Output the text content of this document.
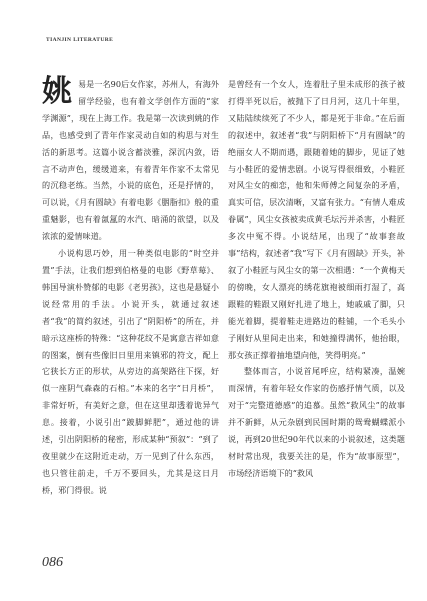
TIANJIN LITERATURE

姚易是一名90后女作家，苏州人，有海外留学经验，也有着文学创作方面的“家学渊源”，现在上海工作。我是第一次读到姚的作品，也感受到了青年作家灵动自如的构思与对生活的新思考。这篇小说含蓄淡雅，深沉内敛，语言不动声色，缓缓道来，有着青年作家不太常见的沉稳老练。当然，小说的底色，还是抒情的，可以说，《月有圆缺》有着电影《胭脂扣》般的重重魅影，也有着氤氲的水汽、暗涌的欲望，以及浓浓的爱情味道。

小说构思巧妙，用一种类似电影的“时空并置”手法，让我们想到伯格曼的电影《野草莓》、韩国导演朴赞郁的电影《老男孩》，这也是悬疑小说经常用的手法。小说开头，就通过叙述者“我”的简约叙述，引出了“阴阳桥”的所在，并暗示这座桥的特殊：“这种花纹不是寓意吉祥如意的图案，倒有些像旧日里用来镇邪的符文，配上它狭长方正的形状，从旁边的高架路往下探，好似一座阴气森森的石棺。”本来的名字“日月桥”，非常好听，有美好之意，但在这里却透着诡异气息。接着，小说引出“跛脚鲜肥”，通过他的讲述，引出阴阳桥的秘密，形成某种“预叙”：“到了夜里就少在这附近走动，万一见到了什么东西，也只管往前走，千万不要回头，尤其是这日月桥，邪门得很。说

是曾经有一个女人，连着肚子里未成形的孩子被打得半死以后，被抛下了日月河，这几十年里，又陆陆续续死了不少人，都是死于非命。”在后面的叙述中，叙述者“我”与阴阳桥下“月有圆缺”的绝丽女人不期而遇，跟随着她的脚步，见证了她与小鞋匠的爱情悲剧。小说写得很细致，小鞋匠对风尘女的痴恋，他和朱师傅之间复杂的矛盾，真实可信，层次清晰，又富有张力。“有情人难成眷属”，风尘女孩被卖成黄毛坛污并杀害，小鞋匠多次中冤不得。小说结尾，出现了“故事套故事”结构，叙述者“我”写下《月有圆缺》开头，补叙了小鞋匠与风尘女的第一次相遇：“一个黄梅天的傍晚，女人漂亮的绣花旗袍被细雨打湿了，高跟鞋的鞋跟又刚好扎进了地上，她戚戚了脚，只能光着脚，提着鞋走进路边的鞋铺，一个毛头小子刚好从里间走出来，和她撞得满怀，他抬眼，那女孩正撑着抽地望向他，笑得明亮。”

整体而言，小说首尾呼应，结构紧凑，温婉而深情，有着年轻女作家的伤感抒情气质，以及对于“完整道德感”的追慕。虽然“救风尘”的故事并不新鲜，从元杂剧到民国时期的鸳鸯蝴蝶派小说，再到20世纪90年代以来的小说叙述，这类题材时常出现，我要关注的是，作为“故事原型”，市场经济语境下的“救风

086
